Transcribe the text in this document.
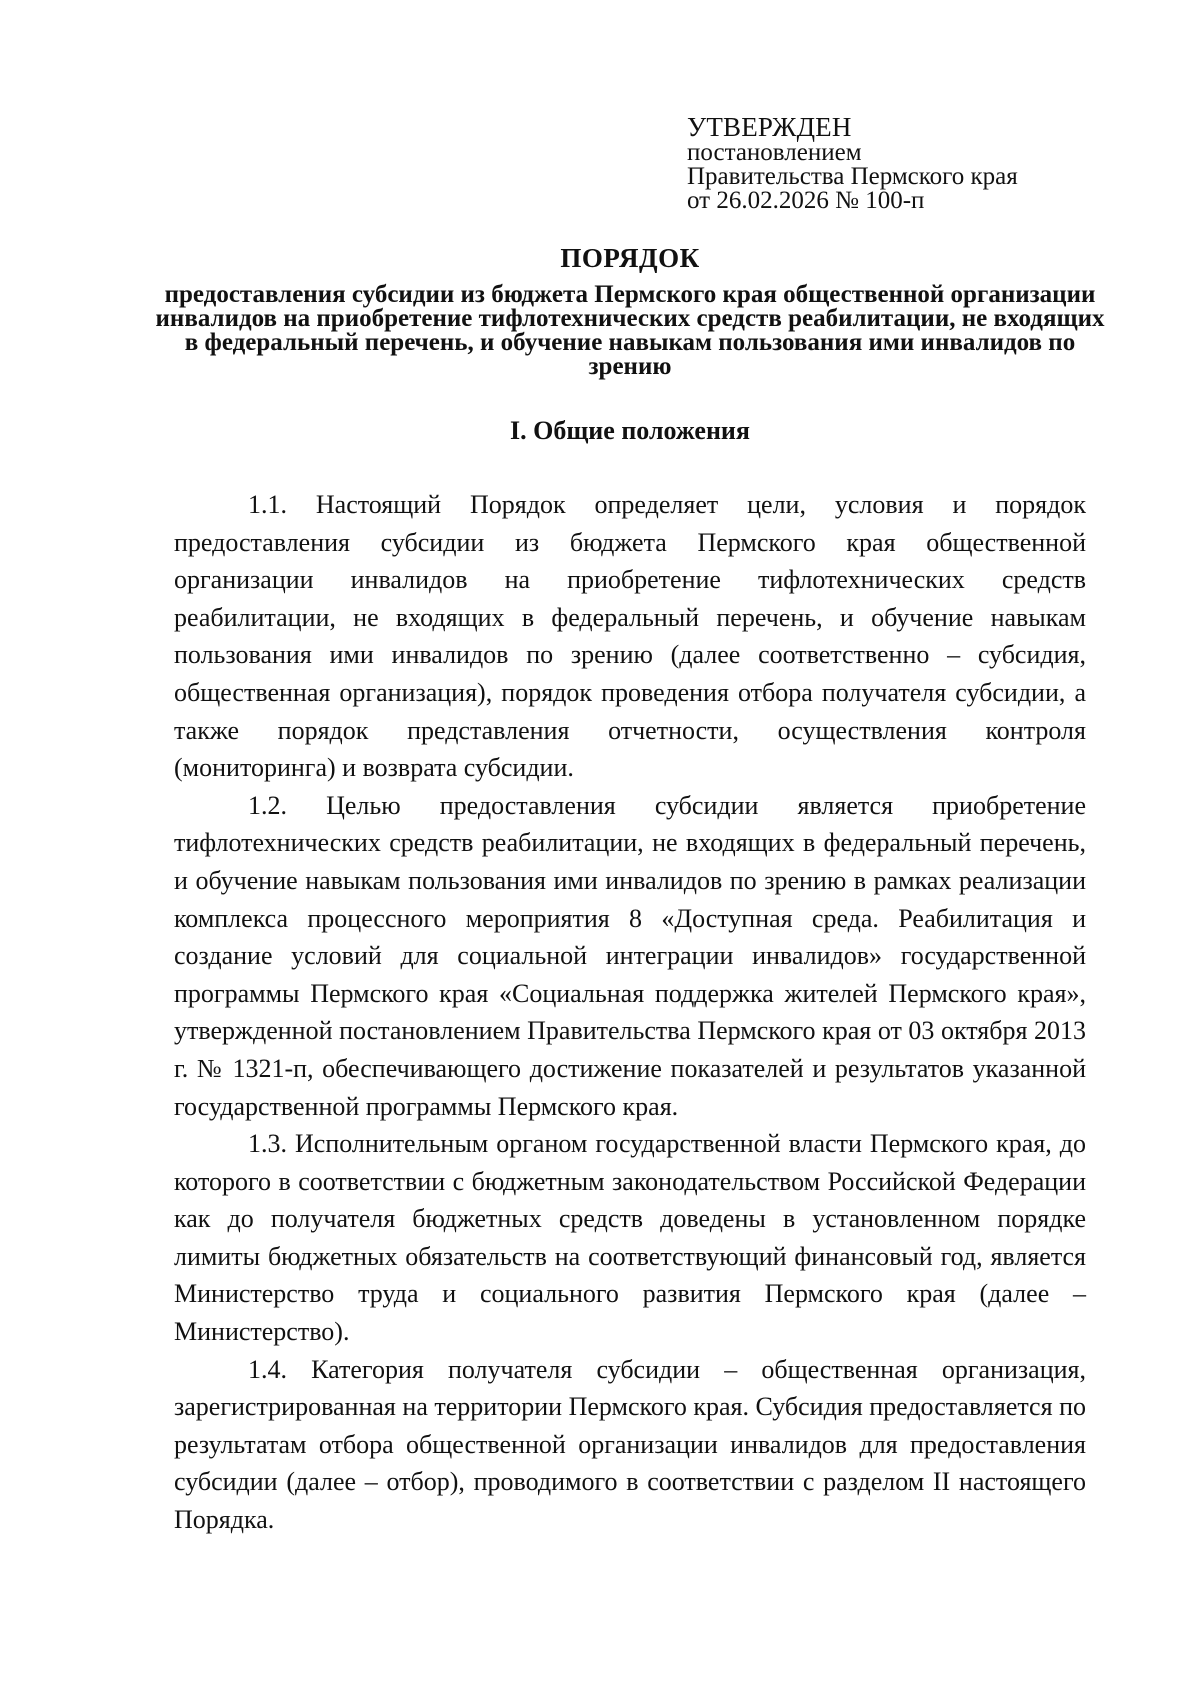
УТВЕРЖДЕН
постановлением
Правительства Пермского края
от 26.02.2026 № 100-п
ПОРЯДОК
предоставления субсидии из бюджета Пермского края общественной организации инвалидов на приобретение тифлотехнических средств реабилитации, не входящих в федеральный перечень, и обучение навыкам пользования ими инвалидов по зрению
I. Общие положения

1.1. Настоящий Порядок определяет цели, условия и порядок предоставления субсидии из бюджета Пермского края общественной организации инвалидов на приобретение тифлотехнических средств реабилитации, не входящих в федеральный перечень, и обучение навыкам пользования ими инвалидов по зрению (далее соответственно – субсидия, общественная организация), порядок проведения отбора получателя субсидии, а также порядок представления отчетности, осуществления контроля (мониторинга) и возврата субсидии.

1.2. Целью предоставления субсидии является приобретение тифлотехнических средств реабилитации, не входящих в федеральный перечень, и обучение навыкам пользования ими инвалидов по зрению в рамках реализации комплекса процессного мероприятия 8 «Доступная среда. Реабилитация и создание условий для социальной интеграции инвалидов» государственной программы Пермского края «Социальная поддержка жителей Пермского края», утвержденной постановлением Правительства Пермского края от 03 октября 2013 г. № 1321-п, обеспечивающего достижение показателей и результатов указанной государственной программы Пермского края.

1.3. Исполнительным органом государственной власти Пермского края, до которого в соответствии с бюджетным законодательством Российской Федерации как до получателя бюджетных средств доведены в установленном порядке лимиты бюджетных обязательств на соответствующий финансовый год, является Министерство труда и социального развития Пермского края (далее – Министерство).

1.4. Категория получателя субсидии – общественная организация, зарегистрированная на территории Пермского края. Субсидия предоставляется по результатам отбора общественной организации инвалидов для предоставления субсидии (далее – отбор), проводимого в соответствии с разделом II настоящего Порядка.
